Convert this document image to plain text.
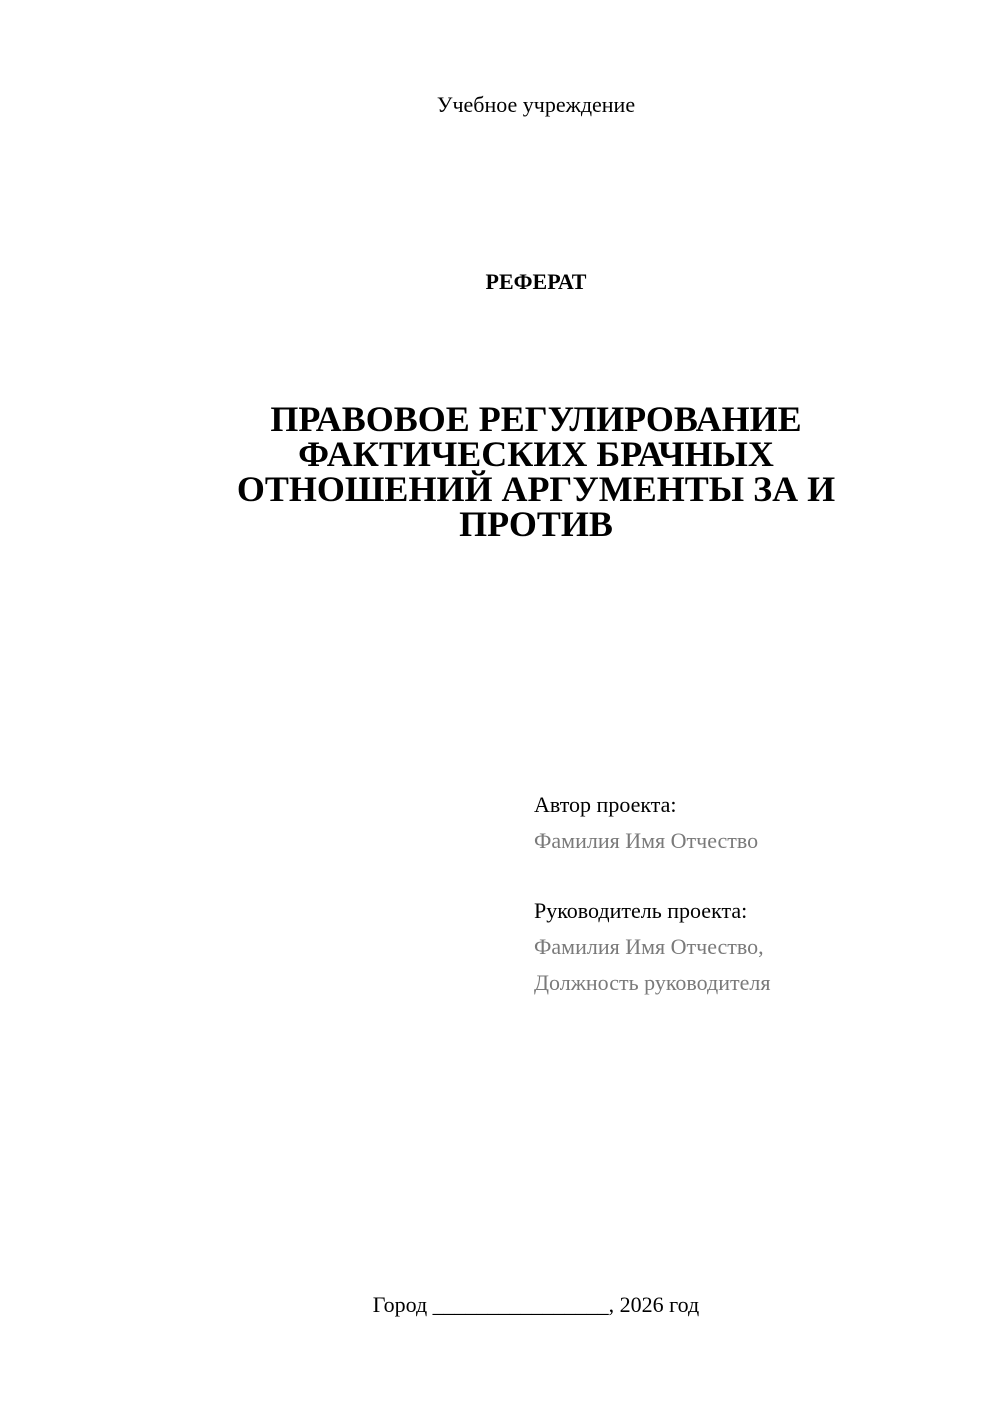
Учебное учреждение
РЕФЕРАТ
ПРАВОВОЕ РЕГУЛИРОВАНИЕ
ФАКТИЧЕСКИХ БРАЧНЫХ
ОТНОШЕНИЙ АРГУМЕНТЫ ЗА И
ПРОТИВ
Автор проекта:
Фамилия Имя Отчество
Руководитель проекта:
Фамилия Имя Отчество,
Должность руководителя
Город ________________, 2026 год
